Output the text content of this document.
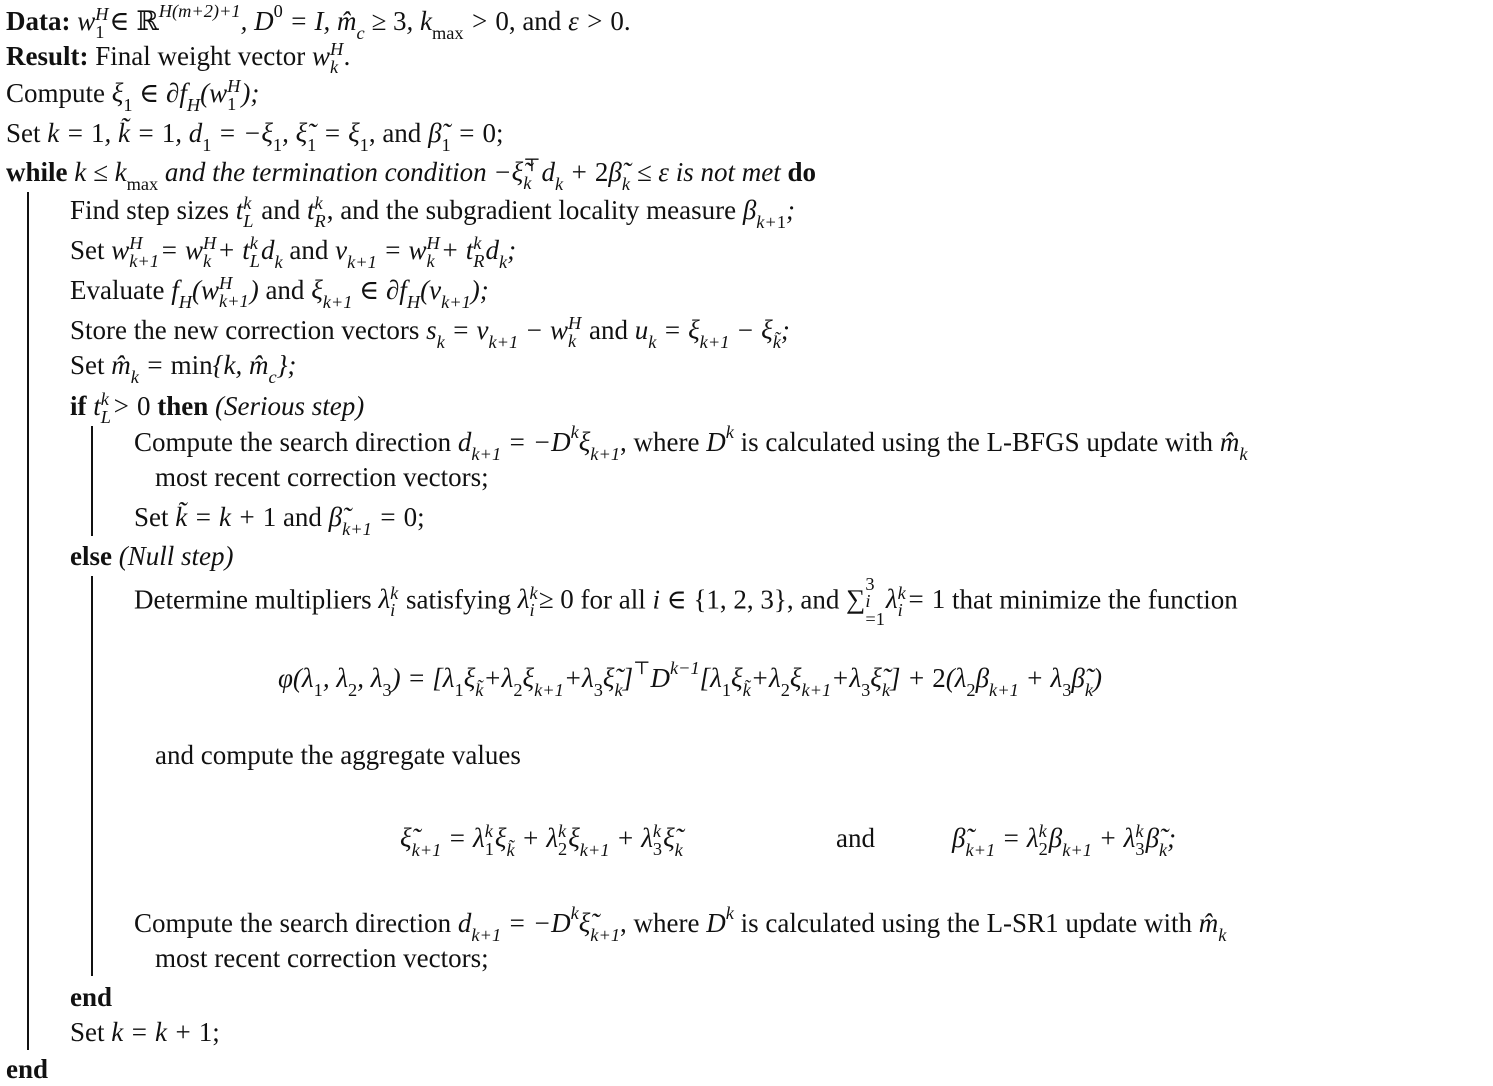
Data: w H
1 ∈ ℝ$^{H(m+2)+1}$, $D^0 = I$, $m̂_c \ge 3$, $k_{max} > 0$, and ε > 0.
Result: Final weight vector w H
k .
Compute $\xi_1$ ∈ $\partial f_H(w$ H
1 );
Set k = 1, k̃ = 1, $d_1 = -\xi_1$, $\xĩ_1 = \xi_1$, and $\betã_1 = 0$;
while $k \le k_{max}$ and the termination condition −ξ̃ ⊤
k $d_k$ + $2\betã_k \le \varepsilon$ is not met do
Find step sizes t k
L and t k
R , and the subgradient locality measure $\beta_{k+1}$;
Set w H
k+1 = w H
k + t k
L $d_k$ and $v_{k+1} = w$ H
k + t k
R $d_k$;
Evaluate $f_H(w$ H
k+1 ) and $\xi_{k+1}$ ∈ $\partial f_H(v_{k+1})$;
Store the new correction vectors $s_k = v_{k+1} - w$ H
k and $u_k = \xi_{k+1} - \xi_{k̃}$;
Set $m̂_k = \min\{k$, $m̂_c$};
if t k
L > 0 then (Serious step)
Compute the search direction $d_{k+1} = -D^k\xi_{k+1}$, where $D^k$ is calculated using the L-BFGS update with $m̂_k$
most recent correction vectors;
Set k̃ = k + 1 and $\betã_{k+1} = 0$;
else (Null step)
Determine multipliers λ k
i satisfying λ k
i ≥ 0 for all i ∈ {1, 2, 3}, and ∑
3
i
=1
λ k
i = 1 that minimize the function
$\varphi(\lambda_1$, $\lambda_2$, $\lambda_3$) = $[\lambda_1\xi_{k̃}+\lambda_2\xi_{k+1}+\lambda_3\xĩ_k]^⊤D^{k-1}[\lambda_1\xi_{k̃}+\lambda_2\xi_{k+1}+\lambda_3\xĩ_k] + 2(\lambda_2\beta_{k+1}$ + $\lambda_3\betã_k$)
and compute the aggregate values
$\xĩ_{k+1} = \lambda$ k
1 $\xi_{k̃} + \lambda$ k
2 $\xi_{k+1} + \lambda$ k
3 $\xĩ_k$	and	$\betã_{k+1} = \lambda$ k
2 $\beta_{k+1} + \lambda$ k
3 $\betã_k$;
Compute the search direction $d_{k+1}$ = $-D^k\xĩ_{k+1}$, where $D^k$ is calculated using the L-SR1 update with $m̂_k$
most recent correction vectors;
end
Set k = k + 1;
end
